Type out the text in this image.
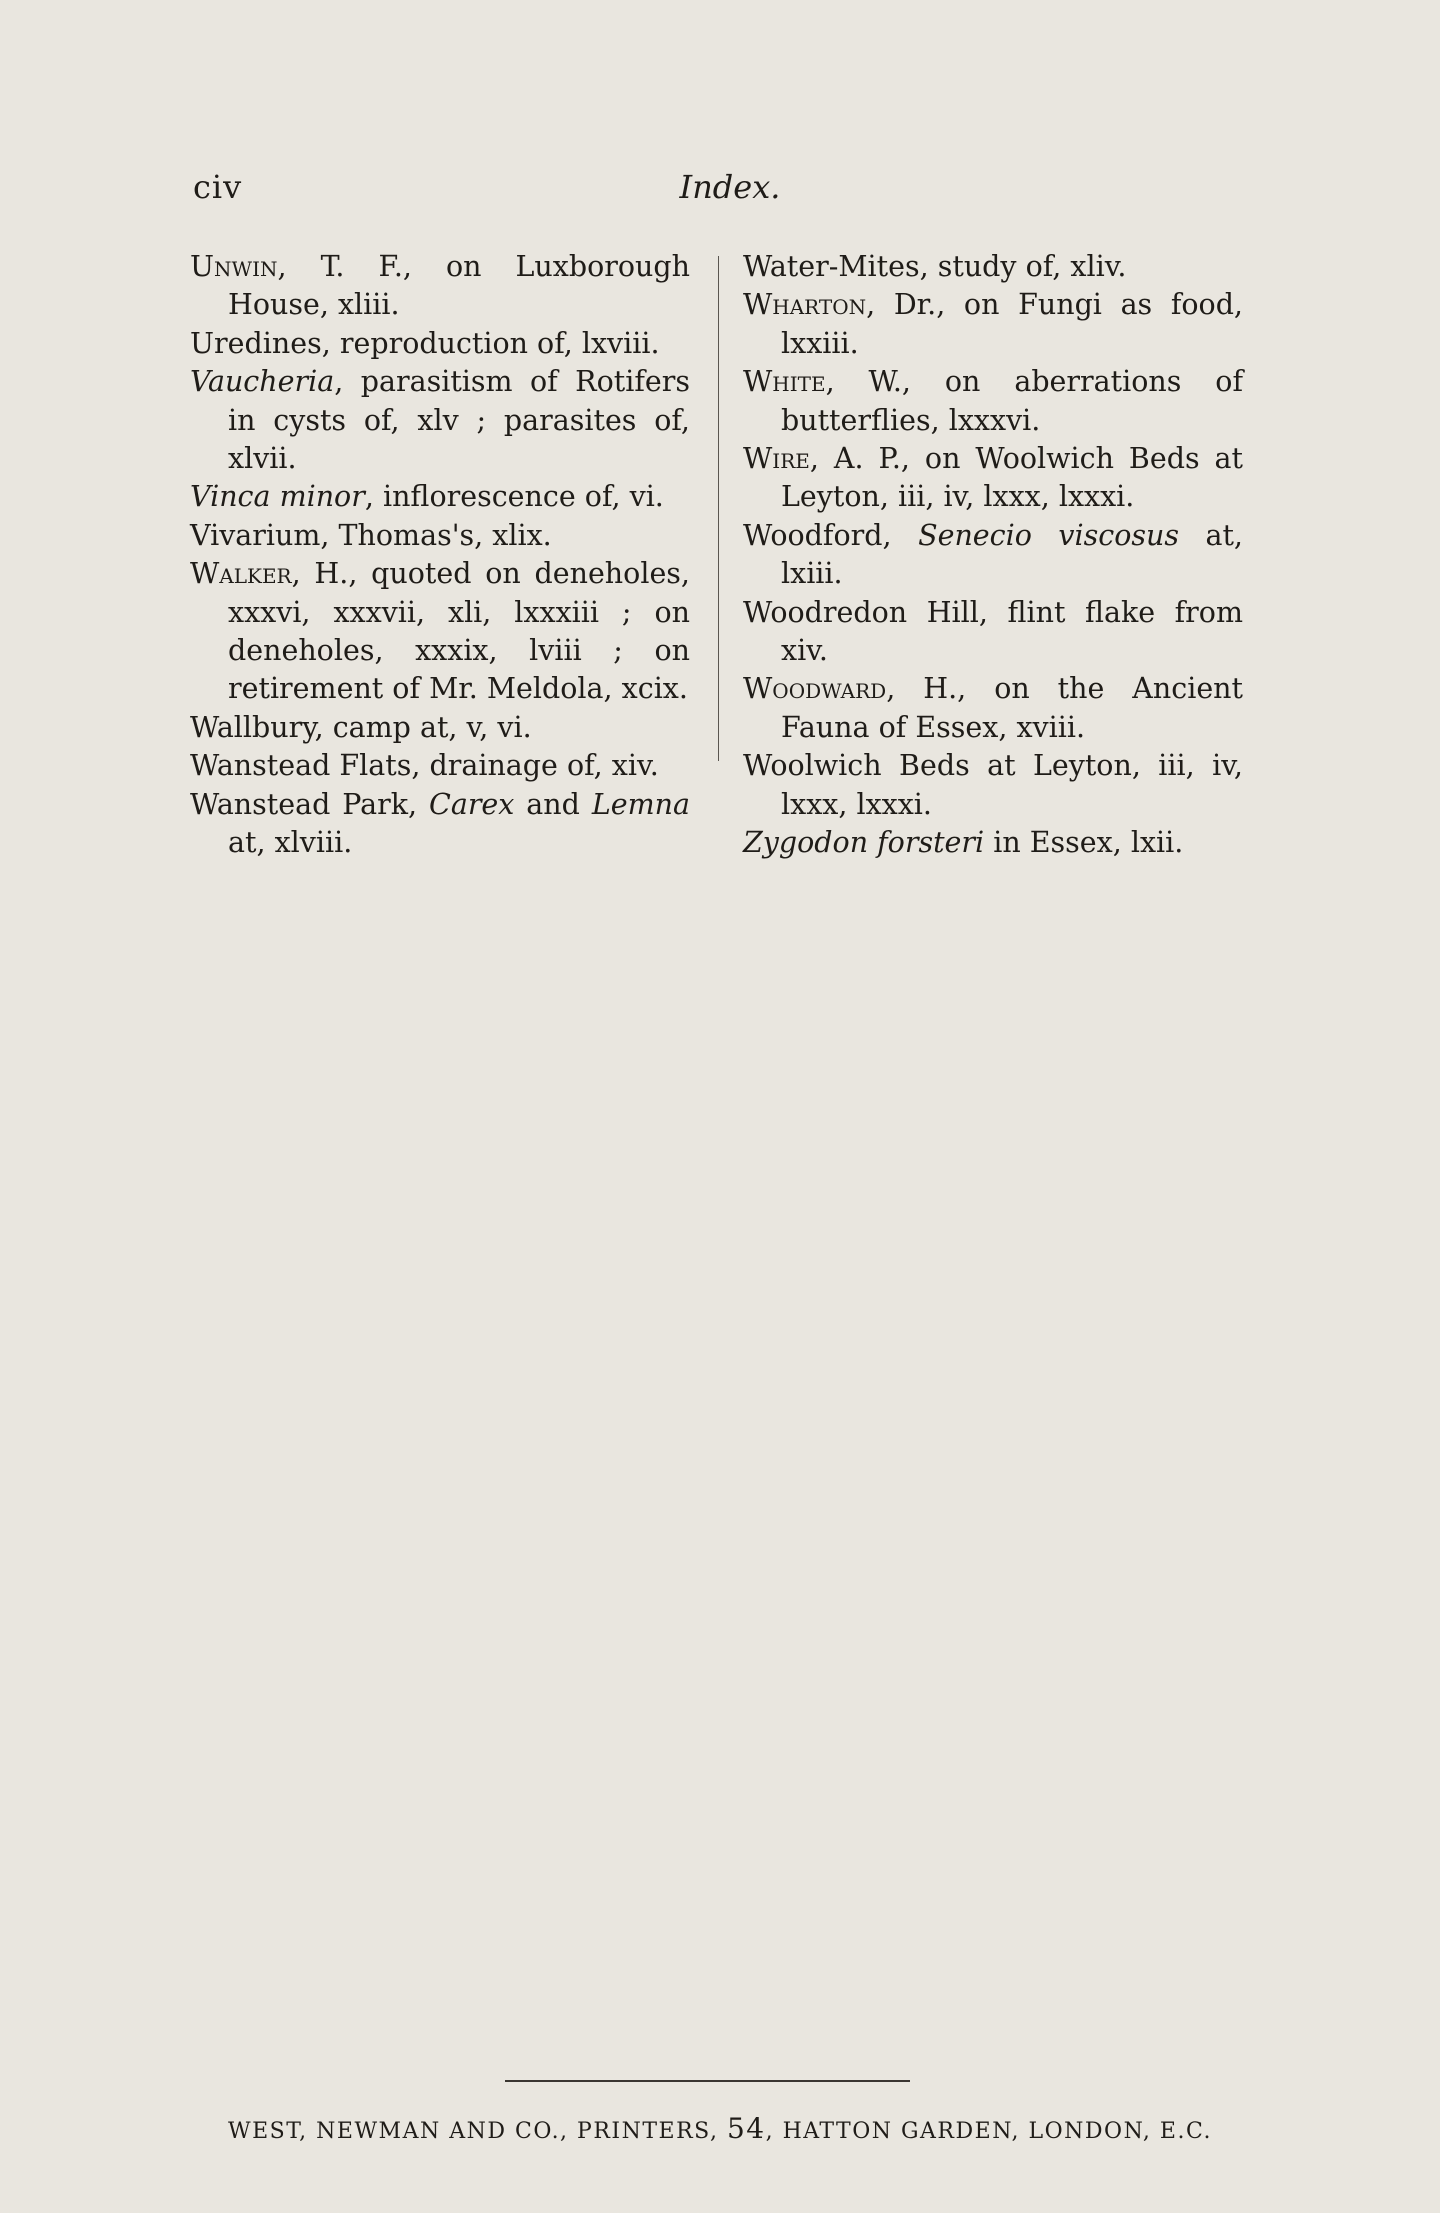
civ	Index.
Unwin, T. F., on Luxborough House, xliii.
Uredines, reproduction of, lxviii.
Vaucheria, parasitism of Rotifers in cysts of, xlv ; parasites of, xlvii.
Vinca minor, inflorescence of, vi.
Vivarium, Thomas's, xlix.
Walker, H., quoted on deneholes, xxxvi, xxxvii, xli, lxxxiii ; on deneholes, xxxix, lviii ; on retirement of Mr. Meldola, xcix.
Wallbury, camp at, v, vi.
Wanstead Flats, drainage of, xiv.
Wanstead Park, Carex and Lemna at, xlviii.
Water-Mites, study of, xliv.
Wharton, Dr., on Fungi as food, lxxiii.
White, W., on aberrations of butterflies, lxxxvi.
Wire, A. P., on Woolwich Beds at Leyton, iii, iv, lxxx, lxxxi.
Woodford, Senecio viscosus at, lxiii.
Woodredon Hill, flint flake from xiv.
Woodward, H., on the Ancient Fauna of Essex, xviii.
Woolwich Beds at Leyton, iii, iv, lxxx, lxxxi.
Zygodon forsteri in Essex, lxii.
WEST, NEWMAN AND CO., PRINTERS, 54, HATTON GARDEN, LONDON, E.C.
